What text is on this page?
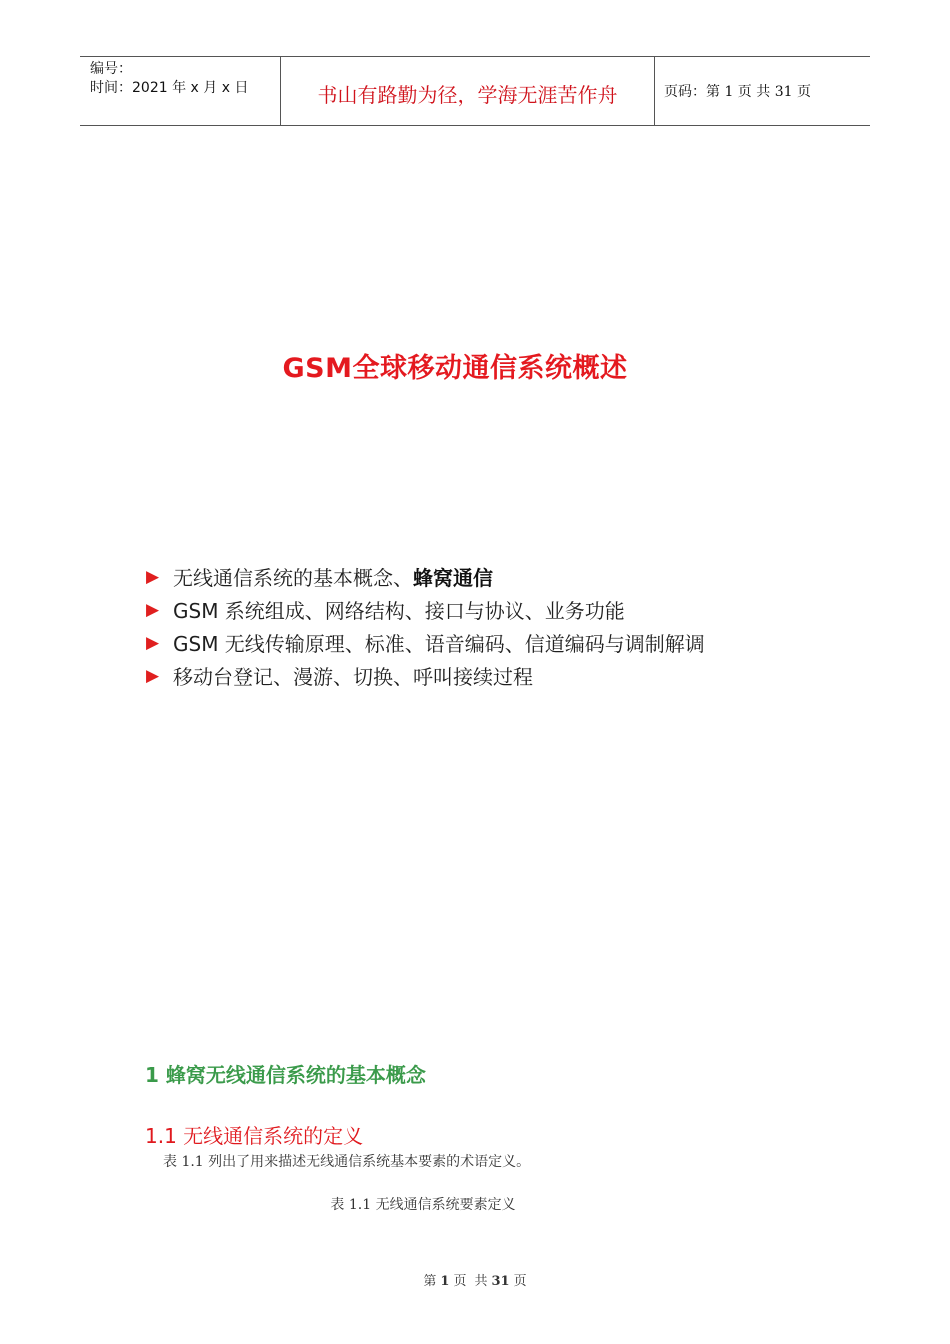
编号：
时间：2021 年 x 月 x 日	书山有路勤为径，学海无涯苦作舟	页码：第 1 页 共 31 页
GSM全球移动通信系统概述
▶ 无线通信系统的基本概念、 蜂窝通信
▶ GSM 系统组成、网络结构、接口与协议、业务功能
▶ GSM 无线传输原理、标准、语音编码、信道编码与调制解调
▶ 移动台登记、漫游、切换、呼叫接续过程
1 蜂窝无线通信系统的基本概念
1.1 无线通信系统的定义
表 1.1 列出了用来描述无线通信系统基本要素的术语定义。
表 1.1 无线通信系统要素定义
第 1 页 共 31 页
